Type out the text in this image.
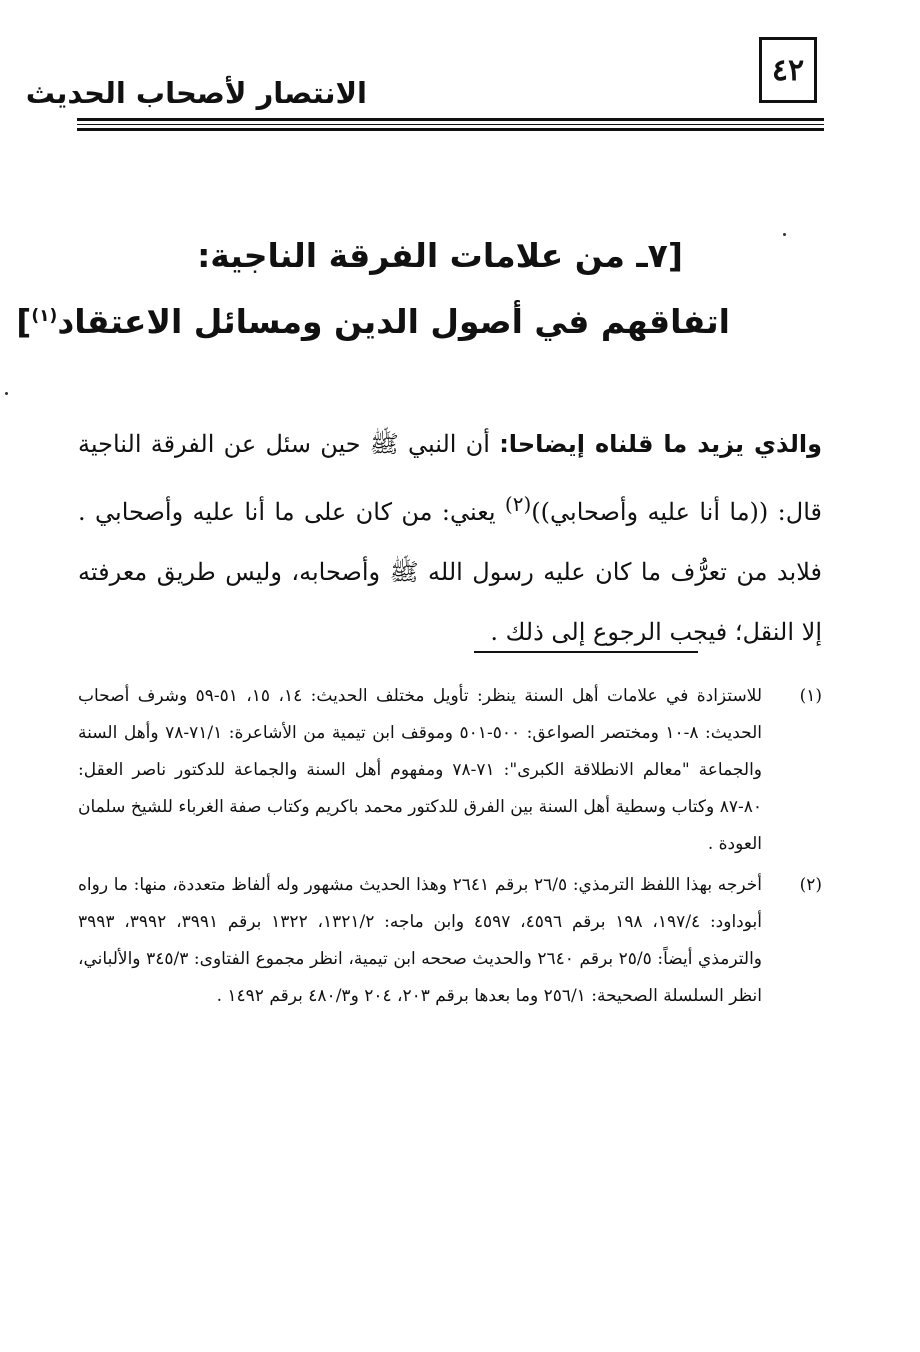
٤٢
الانتصار لأصحاب الحديث
[٧ـ من علامات الفرقة الناجية:
اتفاقهم في أصول الدين ومسائل الاعتقاد$^{(١)}$]
والذي يزيد ما قلناه إيضاحا: أن النبي ﷺ حين سئل عن الفرقة الناجية قال: ((ما أنا عليه وأصحابي))$^{(٢)}$ يعني: من كان على ما أنا عليه وأصحابي . فلابد من تعرُّف ما كان عليه رسول الله ﷺ وأصحابه، وليس طريق معرفته إلا النقل؛ فيجب الرجوع إلى ذلك .
(١)
للاستزادة في علامات أهل السنة ينظر: تأويل مختلف الحديث: ١٤، ١٥، ٥١-٥٩ وشرف أصحاب الحديث: ٨-١٠ ومختصر الصواعق: ٥٠٠-٥٠١ وموقف ابن تيمية من الأشاعرة: ٧١/١-٧٨ وأهل السنة والجماعة "معالم الانطلاقة الكبرى": ٧١-٧٨ ومفهوم أهل السنة والجماعة للدكتور ناصر العقل: ٨٠-٨٧ وكتاب وسطية أهل السنة بين الفرق للدكتور محمد باكريم وكتاب صفة الغرباء للشيخ سلمان العودة .
(٢)
أخرجه بهذا اللفظ الترمذي: ٢٦/٥ برقم ٢٦٤١ وهذا الحديث مشهور وله ألفاظ متعددة، منها: ما رواه أبوداود: ١٩٧/٤، ١٩٨ برقم ٤٥٩٦، ٤٥٩٧ وابن ماجه: ١٣٢١/٢، ١٣٢٢ برقم ٣٩٩١، ٣٩٩٢، ٣٩٩٣ والترمذي أيضاً: ٢٥/٥ برقم ٢٦٤٠ والحديث صححه ابن تيمية، انظر مجموع الفتاوى: ٣٤٥/٣ والألباني، انظر السلسلة الصحيحة: ٢٥٦/١ وما بعدها برقم ٢٠٣، ٢٠٤ و٤٨٠/٣ برقم ١٤٩٢ .
